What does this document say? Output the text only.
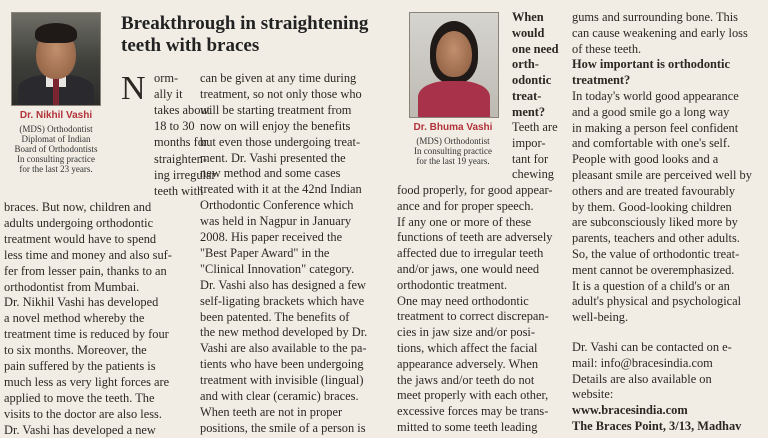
Dr. Nikhil Vashi
(MDS) Orthodontist
Diplomat of Indian
Board of Orthodontists
In consulting practice
for the last 23 years.
Breakthrough in straightening
teeth with braces
N orm-
ally it
takes about
18 to 30
months for
straighten-
ing irregular
teeth with
braces. But now, children and
adults undergoing orthodontic
treatment would have to spend
less time and money and also suf-
fer from lesser pain, thanks to an
orthodontist from Mumbai.
Dr. Nikhil Vashi has developed
a novel method whereby the
treatment time is reduced by four
to six months. Moreover, the
pain suffered by the patients is
much less as very light forces are
applied to move the teeth. The
visits to the doctor are also less.
Dr. Vashi has developed a new
can be given at any time during
treatment, so not only those who
will be starting treatment from
now on will enjoy the benefits
but even those undergoing treat-
ment. Dr. Vashi presented the
new method and some cases
treated with it at the 42nd Indian
Orthodontic Conference which
was held in Nagpur in January
2008. His paper received the
"Best Paper Award" in the
"Clinical Innovation" category.
Dr. Vashi also has designed a few
self-ligating brackets which have
been patented. The benefits of
the new method developed by Dr.
Vashi are also available to the pa-
tients who have been undergoing
treatment with invisible (lingual)
and with clear (ceramic) braces.
When teeth are not in proper
positions, the smile of a person is
Dr. Bhuma Vashi
(MDS) Orthodontist
In consulting practice
for the last 19 years.
When
would
one need
orth-
odontic
treat-
ment?
Teeth are
impor-
tant for
chewing
food properly, for good appear-
ance and for proper speech.
If any one or more of these
functions of teeth are adversely
affected due to irregular teeth
and/or jaws, one would need
orthodontic treatment.
One may need orthodontic
treatment to correct discrepan-
cies in jaw size and/or posi-
tions, which affect the facial
appearance adversely. When
the jaws and/or teeth do not
meet properly with each other,
excessive forces may be trans-
mitted to some teeth leading
gums and surrounding bone. This
can cause weakening and early loss
of these teeth.
How important is orthodontic
treatment?
In today's world good appearance
and a good smile go a long way
in making a person feel confident
and comfortable with one's self.
People with good looks and a
pleasant smile are perceived well by
others and are treated favourably
by them. Good-looking children
are subconsciously liked more by
parents, teachers and other adults.
So, the value of orthodontic treat-
ment cannot be overemphasized.
It is a question of a child's or an
adult's physical and psychological
well-being.
Dr. Vashi can be contacted on e-
mail: info@bracesindia.com
Details are also available on
website:
www.bracesindia.com
The Braces Point, 3/13, Madhav
